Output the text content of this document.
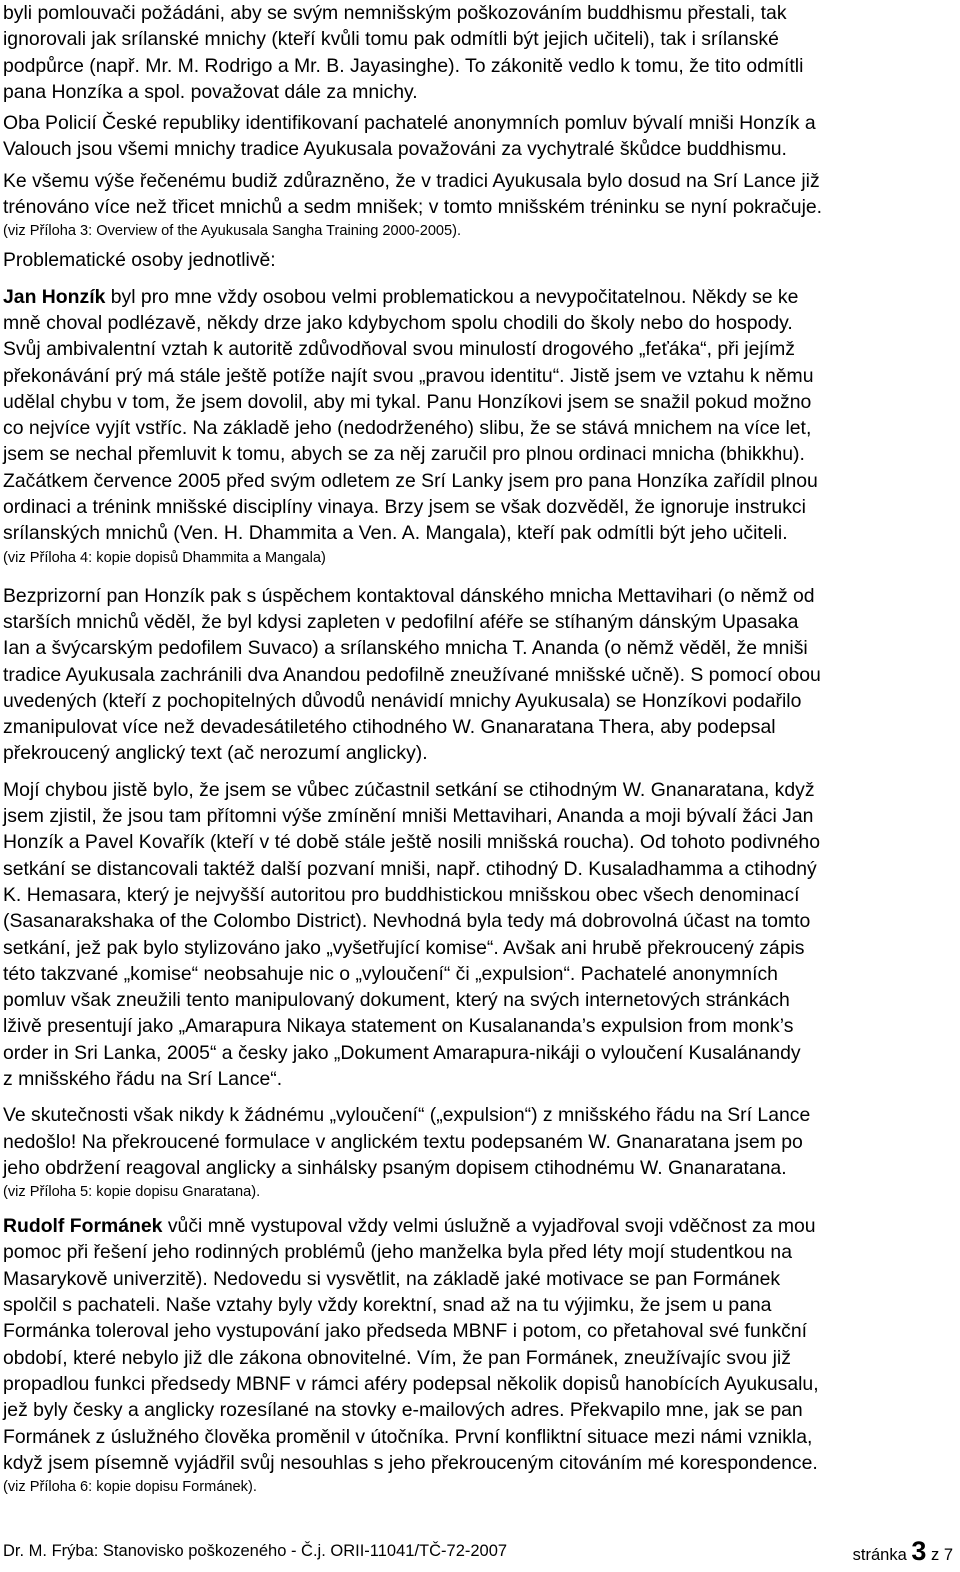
byli pomlouvači požádáni, aby se svým nemnišským poškozováním buddhismu přestali, tak

ignorovali jak srílanské mnichy (kteří kvůli tomu pak odmítli být jejich učiteli), tak i srílanské

podpůrce (např. Mr. M. Rodrigo a Mr. B. Jayasinghe). To zákonitě vedlo k tomu, že tito odmítli

pana Honzíka a spol. považovat dále za mnichy.

Oba Policií České republiky identifikovaní pachatelé anonymních pomluv bývalí mniši Honzík a

Valouch jsou všemi mnichy tradice Ayukusala považováni za vychytralé škůdce buddhismu.

Ke všemu výše řečenému budiž zdůrazněno, že v tradici Ayukusala bylo dosud na Srí Lance již

trénováno více než třicet mnichů a sedm mnišek; v tomto mnišském tréninku se nyní pokračuje.

(viz Příloha 3: Overview of the Ayukusala Sangha Training 2000-2005).

Problematické osoby jednotlivě:

Jan Honzík byl pro mne vždy osobou velmi problematickou a nevypočitatelnou. Někdy se ke

mně choval podlézavě, někdy drze jako kdybychom spolu chodili do školy nebo do hospody.

Svůj ambivalentní vztah k autoritě zdůvodňoval svou minulostí drogového „feťáka“, při jejímž

překonávání prý má stále ještě potíže najít svou „pravou identitu“. Jistě jsem ve vztahu k němu

udělal chybu v tom, že jsem dovolil, aby mi tykal. Panu Honzíkovi jsem se snažil pokud možno

co nejvíce vyjít vstříc. Na základě jeho (nedodrženého) slibu, že se stává mnichem na více let,

jsem se nechal přemluvit k tomu, abych se za něj zaručil pro plnou ordinaci mnicha (bhikkhu).

Začátkem července 2005 před svým odletem ze Srí Lanky jsem pro pana Honzíka zařídil plnou

ordinaci a trénink mnišské disciplíny vinaya. Brzy jsem se však dozvěděl, že ignoruje instrukci

srílanských mnichů (Ven. H. Dhammita a Ven. A. Mangala), kteří pak odmítli být jeho učiteli.

(viz Příloha 4: kopie dopisů Dhammita a Mangala)

Bezprizorní pan Honzík pak s úspěchem kontaktoval dánského mnicha Mettavihari (o němž od

starších mnichů věděl, že byl kdysi zapleten v pedofilní aféře se stíhaným dánským Upasaka

Ian a švýcarským pedofilem Suvaco) a srílanského mnicha T. Ananda (o němž věděl, že mniši

tradice Ayukusala zachránili dva Anandou pedofilně zneužívané mnišské učně). S pomocí obou

uvedených (kteří z pochopitelných důvodů nenávidí mnichy Ayukusala) se Honzíkovi podařilo

zmanipulovat více než devadesátiletého ctihodného W. Gnanaratana Thera, aby podepsal

překroucený anglický text (ač nerozumí anglicky).

Mojí chybou jistě bylo, že jsem se vůbec zúčastnil setkání se ctihodným W. Gnanaratana, když

jsem zjistil, že jsou tam přítomni výše zmínění mniši Mettavihari, Ananda a moji bývalí žáci Jan

Honzík a Pavel Kovařík (kteří v té době stále ještě nosili mnišská roucha). Od tohoto podivného

setkání se distancovali taktéž další pozvaní mniši, např. ctihodný D. Kusaladhamma a ctihodný

K. Hemasara, který je nejvyšší autoritou pro buddhistickou mnišskou obec všech denominací

(Sasanarakshaka of the Colombo District). Nevhodná byla tedy má dobrovolná účast na tomto

setkání, jež pak bylo stylizováno jako „vyšetřující komise“. Avšak ani hrubě překroucený zápis

této takzvané „komise“ neobsahuje nic o „vyloučení“ či „expulsion“. Pachatelé anonymních

pomluv však zneužili tento manipulovaný dokument, který na svých internetových stránkách

lživě presentují jako „Amarapura Nikaya statement on Kusalananda’s expulsion from monk’s

order in Sri Lanka, 2005“ a česky jako „Dokument Amarapura-nikáji o vyloučení Kusalánandy

z mnišského řádu na Srí Lance“.

Ve skutečnosti však nikdy k žádnému „vyloučení“ („expulsion“) z mnišského řádu na Srí Lance

nedošlo! Na překroucené formulace v anglickém textu podepsaném W. Gnanaratana jsem po

jeho obdržení reagoval anglicky a sinhálsky psaným dopisem ctihodnému W. Gnanaratana.

(viz Příloha 5: kopie dopisu Gnaratana).

Rudolf Formánek vůči mně vystupoval vždy velmi úslužně a vyjadřoval svoji vděčnost za mou

pomoc při řešení jeho rodinných problémů (jeho manželka byla před léty mojí studentkou na

Masarykově univerzitě). Nedovedu si vysvětlit, na základě jaké motivace se pan Formánek

spolčil s pachateli. Naše vztahy byly vždy korektní, snad až na tu výjimku, že jsem u pana

Formánka toleroval jeho vystupování jako předseda MBNF i potom, co přetahoval své funkční

období, které nebylo již dle zákona obnovitelné. Vím, že pan Formánek, zneužívajíc svou již

propadlou funkci předsedy MBNF v rámci aféry podepsal několik dopisů hanobících Ayukusalu,

jež byly česky a anglicky rozesílané na stovky e-mailových adres. Překvapilo mne, jak se pan

Formánek z úslužného člověka proměnil v útočníka. První konfliktní situace mezi námi vznikla,

když jsem písemně vyjádřil svůj nesouhlas s jeho překrouceným citováním mé korespondence.

(viz Příloha 6: kopie dopisu Formánek).

Dr. M. Frýba: Stanovisko poškozeného - Č.j. ORII-11041/TČ-72-2007	stránka 3 z 7
